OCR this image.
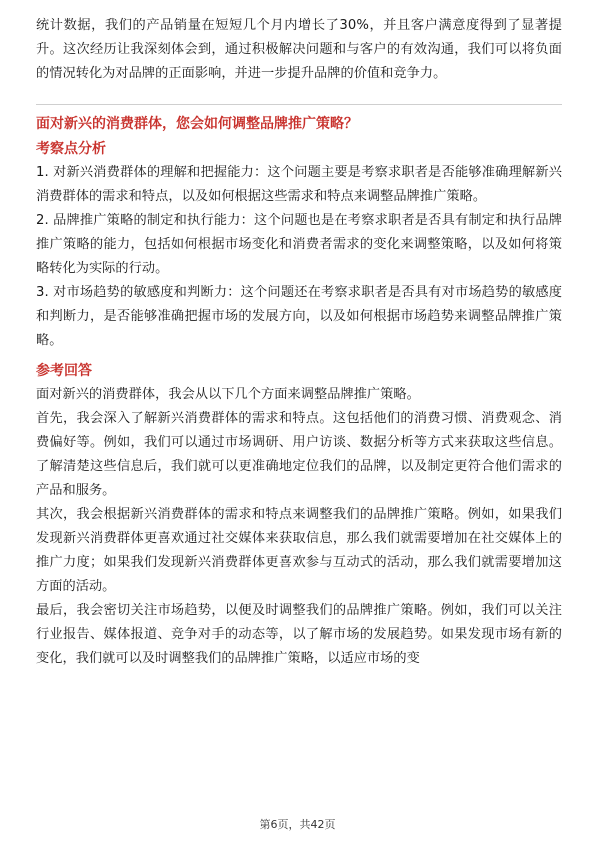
统计数据，我们的产品销量在短短几个月内增长了30%，并且客户满意度得到了显著提升。这次经历让我深刻体会到，通过积极解决问题和与客户的有效沟通，我们可以将负面的情况转化为对品牌的正面影响，并进一步提升品牌的价值和竞争力。

面对新兴的消费群体，您会如何调整品牌推广策略？

考察点分析

1. 对新兴消费群体的理解和把握能力：这个问题主要是考察求职者是否能够准确理解新兴消费群体的需求和特点，以及如何根据这些需求和特点来调整品牌推广策略。

2. 品牌推广策略的制定和执行能力：这个问题也是在考察求职者是否具有制定和执行品牌推广策略的能力，包括如何根据市场变化和消费者需求的变化来调整策略，以及如何将策略转化为实际的行动。

3. 对市场趋势的敏感度和判断力：这个问题还在考察求职者是否具有对市场趋势的敏感度和判断力，是否能够准确把握市场的发展方向，以及如何根据市场趋势来调整品牌推广策略。

参考回答

面对新兴的消费群体，我会从以下几个方面来调整品牌推广策略。

首先，我会深入了解新兴消费群体的需求和特点。这包括他们的消费习惯、消费观念、消费偏好等。例如，我们可以通过市场调研、用户访谈、数据分析等方式来获取这些信息。了解清楚这些信息后，我们就可以更准确地定位我们的品牌，以及制定更符合他们需求的产品和服务。

其次，我会根据新兴消费群体的需求和特点来调整我们的品牌推广策略。例如，如果我们发现新兴消费群体更喜欢通过社交媒体来获取信息，那么我们就需要增加在社交媒体上的推广力度；如果我们发现新兴消费群体更喜欢参与互动式的活动，那么我们就需要增加这方面的活动。

最后，我会密切关注市场趋势，以便及时调整我们的品牌推广策略。例如，我们可以关注行业报告、媒体报道、竞争对手的动态等，以了解市场的发展趋势。如果发现市场有新的变化，我们就可以及时调整我们的品牌推广策略，以适应市场的变

第6页，共42页
